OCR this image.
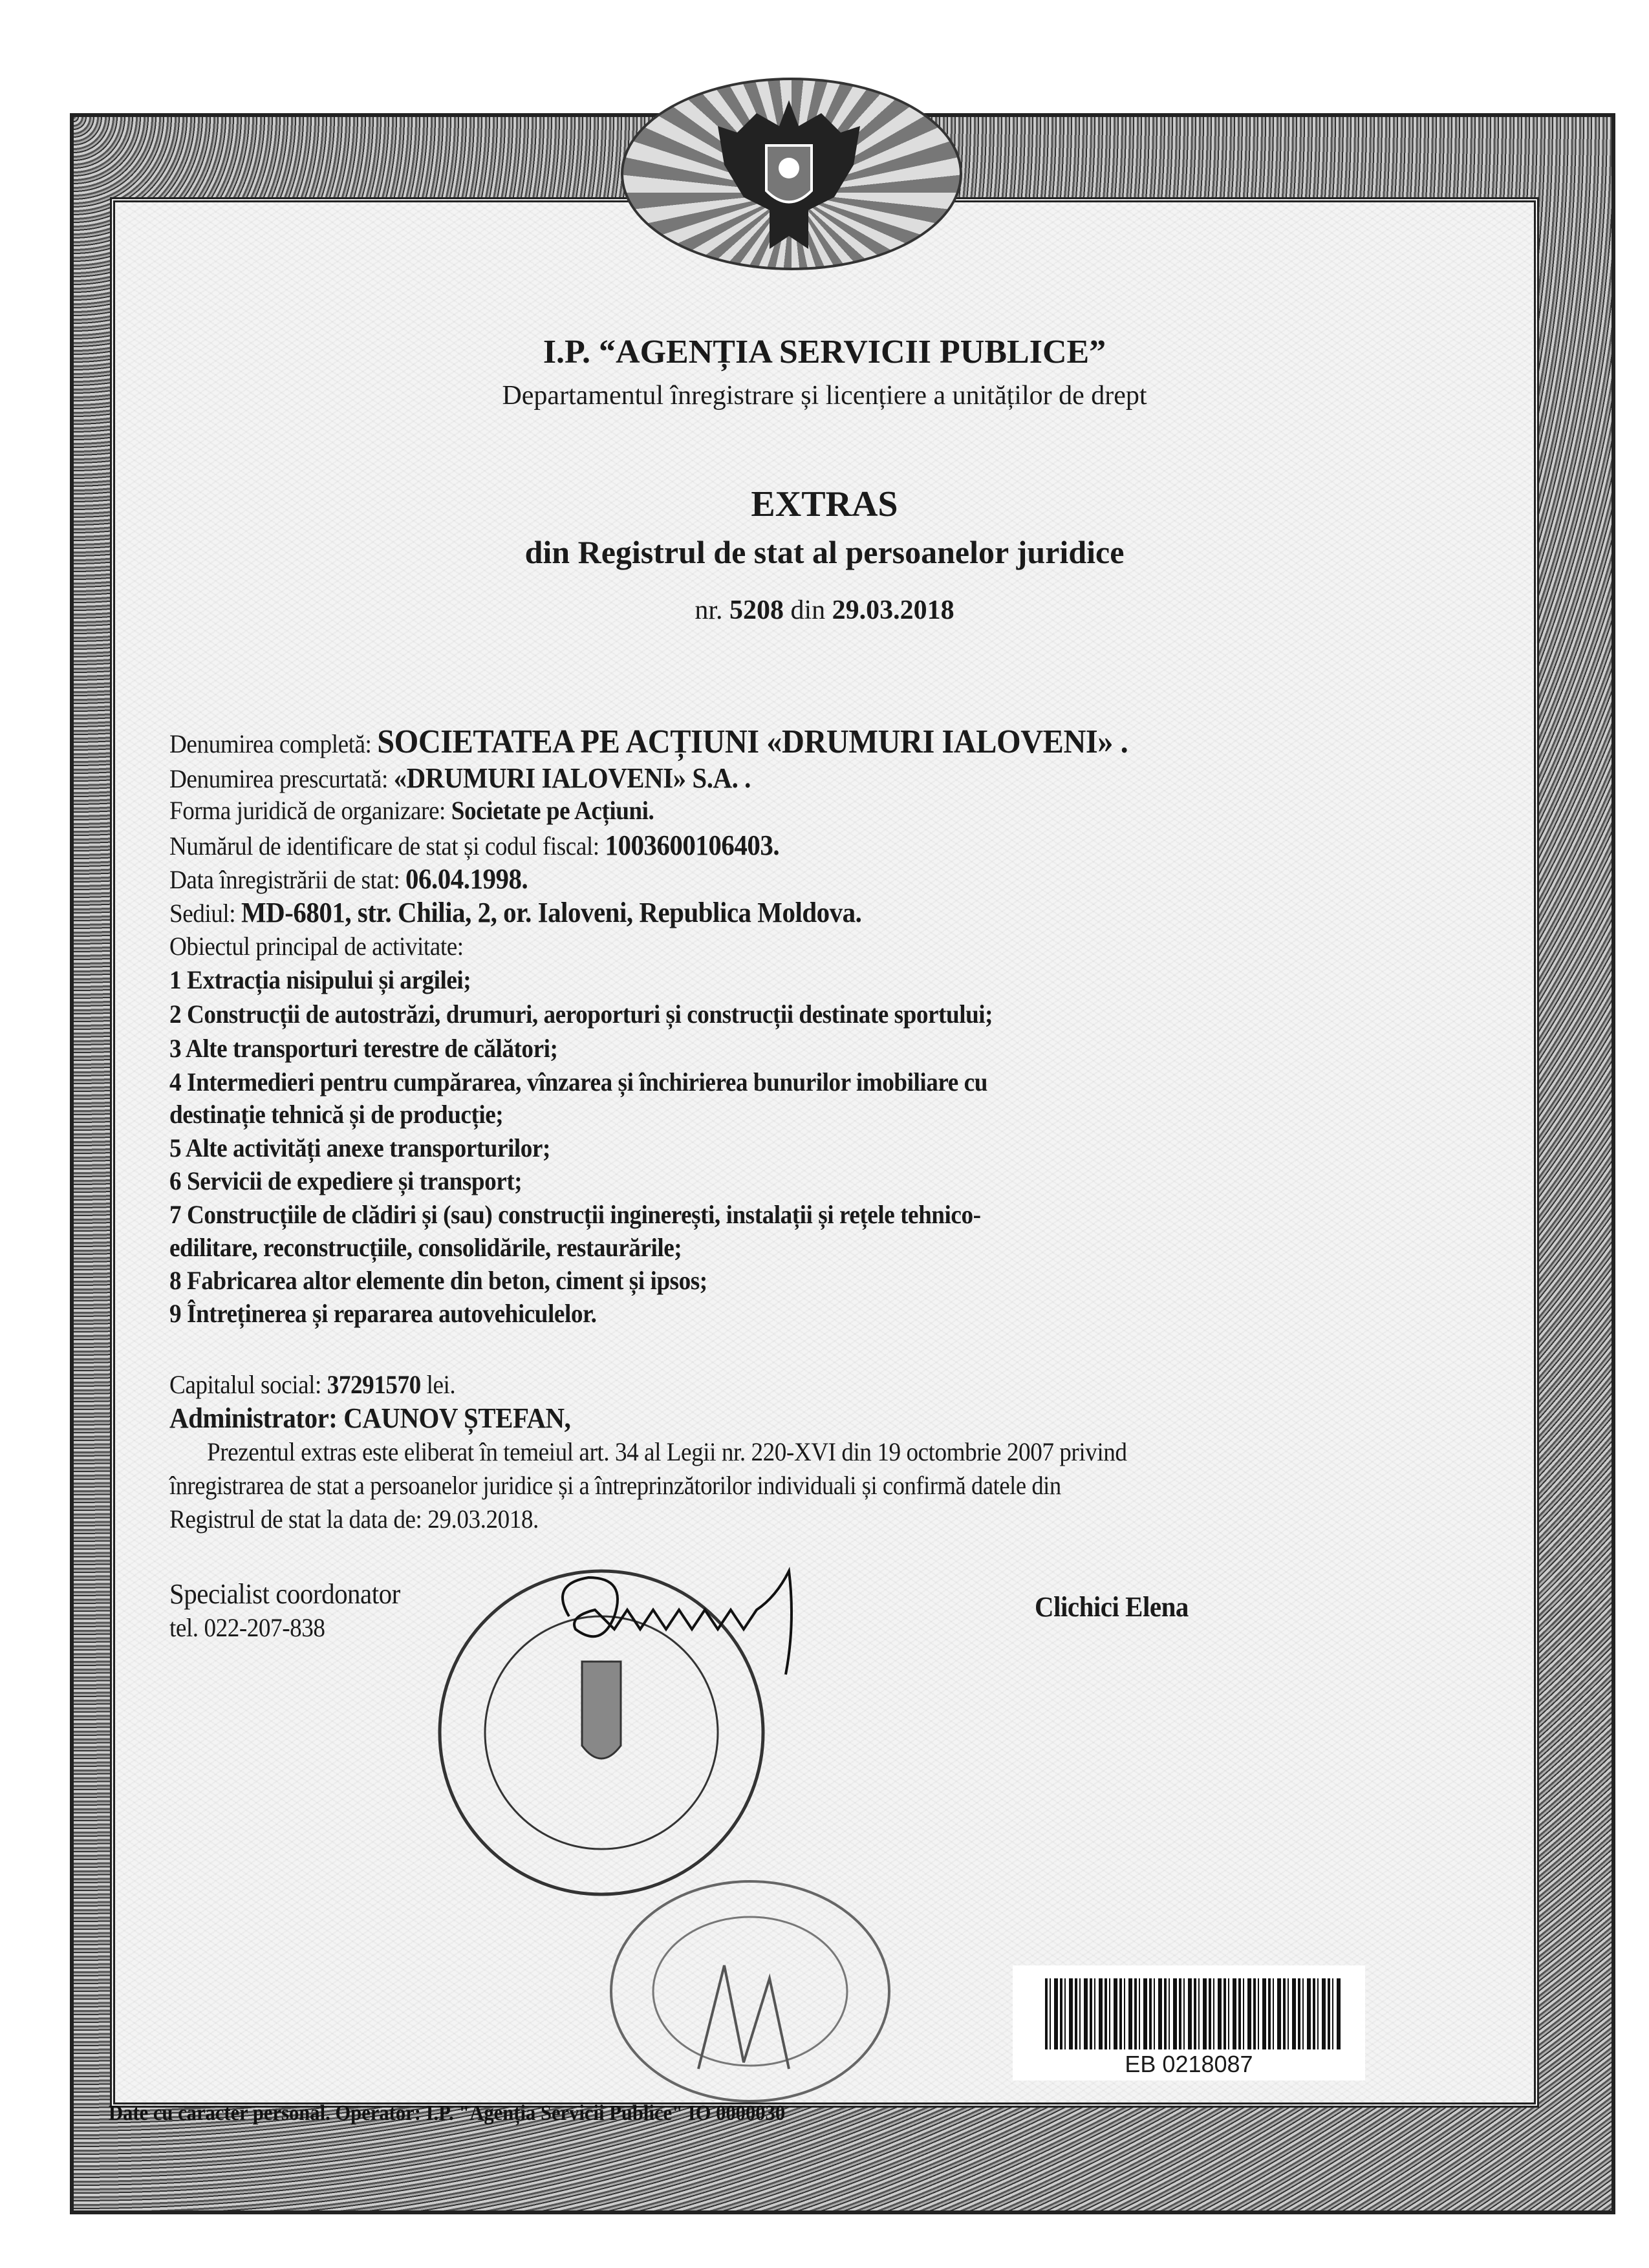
I.P. “AGENȚIA SERVICII PUBLICE”
Departamentul înregistrare și licențiere a unităților de drept
EXTRAS
din Registrul de stat al persoanelor juridice
nr. 5208 din 29.03.2018
Denumirea completă: SOCIETATEA PE ACȚIUNI «DRUMURI IALOVENI» .
Denumirea prescurtată: «DRUMURI IALOVENI» S.A. .
Forma juridică de organizare: Societate pe Acțiuni.
Numărul de identificare de stat și codul fiscal: 1003600106403.
Data înregistrării de stat: 06.04.1998.
Sediul: MD-6801, str. Chilia, 2, or. Ialoveni, Republica Moldova.
Obiectul principal de activitate:
1 Extracția nisipului și argilei;
2 Construcții de autostrăzi, drumuri, aeroporturi și construcții destinate sportului;
3 Alte transporturi terestre de călători;
4 Intermedieri pentru cumpărarea, vînzarea și închirierea bunurilor imobiliare cu
destinație tehnică și de producție;
5 Alte activități anexe transporturilor;
6 Servicii de expediere și transport;
7 Construcțiile de clădiri și (sau) construcții inginerești, instalații și rețele tehnico-
edilitare, reconstrucțiile, consolidările, restaurările;
8 Fabricarea altor elemente din beton, ciment și ipsos;
9 Întreținerea și repararea autovehiculelor.
Capitalul social: 37291570 lei.
Administrator: CAUNOV ȘTEFAN,
Prezentul extras este eliberat în temeiul art. 34 al Legii nr. 220-XVI din 19 octombrie 2007 privind
înregistrarea de stat a persoanelor juridice și a întreprinzătorilor individuali și confirmă datele din
Registrul de stat la data de: 29.03.2018.
Specialist coordonator
tel. 022-207-838
Clichici Elena
EB 0218087
Date cu caracter personal. Operator: I.P. "Agenția Servicii Publice" IO 0000030
